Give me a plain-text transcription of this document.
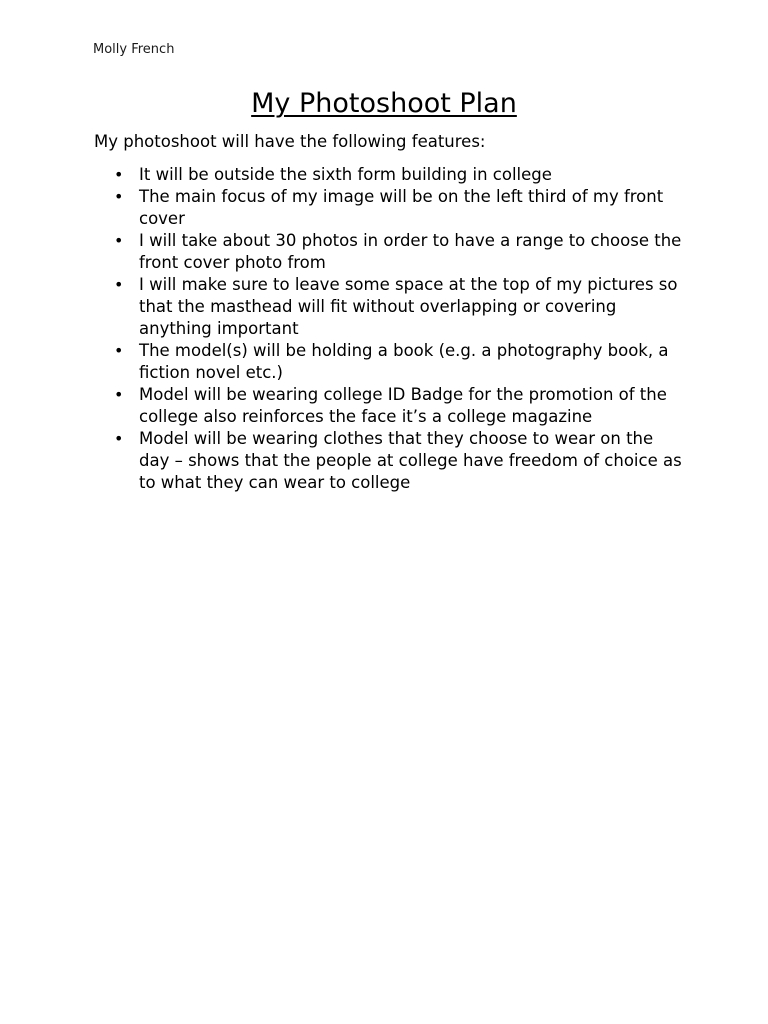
Molly French
My Photoshoot Plan

My photoshoot will have the following features:

• It will be outside the sixth form building in college
• The main focus of my image will be on the left third of my front cover
• I will take about 30 photos in order to have a range to choose the front cover photo from
• I will make sure to leave some space at the top of my pictures so that the masthead will fit without overlapping or covering anything important
• The model(s) will be holding a book (e.g. a photography book, a fiction novel etc.)
• Model will be wearing college ID Badge for the promotion of the college also reinforces the face it’s a college magazine
• Model will be wearing clothes that they choose to wear on the day – shows that the people at college have freedom of choice as to what they can wear to college
